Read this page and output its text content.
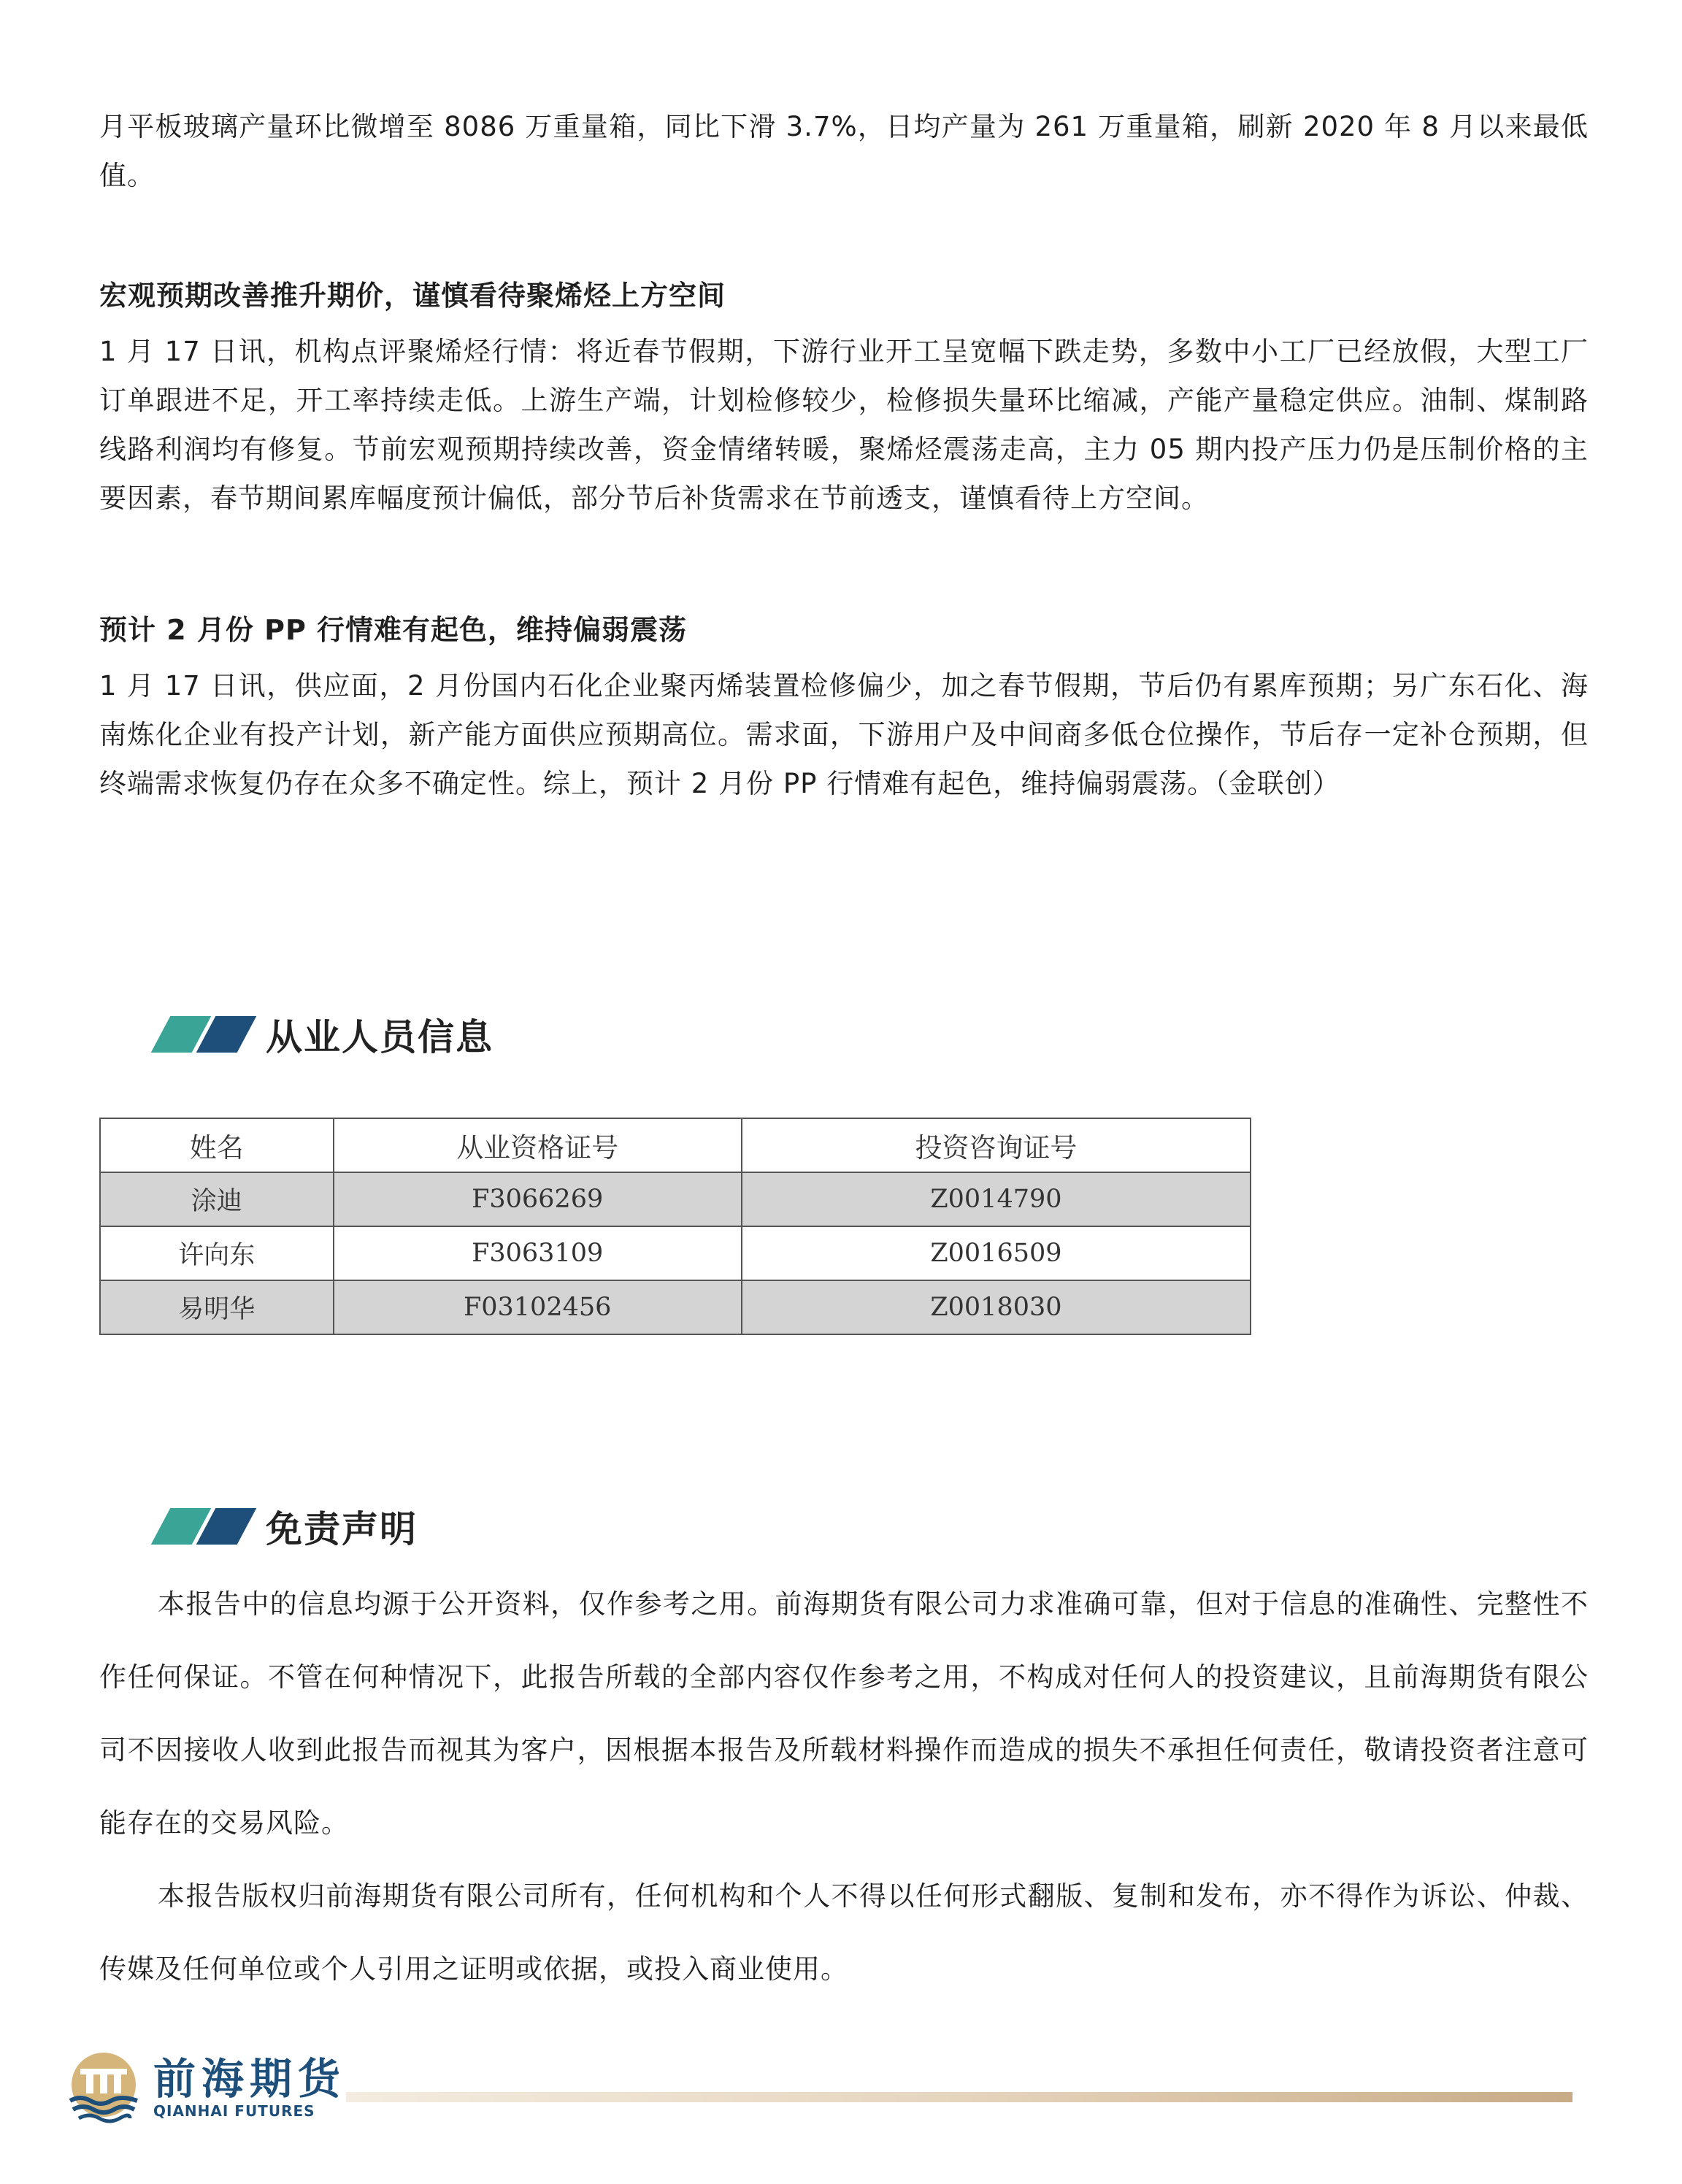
月平板玻璃产量环比微增至 8086 万重量箱，同比下滑 3.7%，日均产量为 261 万重量箱，刷新 2020 年 8 月以来最低值。

宏观预期改善推升期价，谨慎看待聚烯烃上方空间

1 月 17 日讯，机构点评聚烯烃行情：将近春节假期，下游行业开工呈宽幅下跌走势，多数中小工厂已经放假，大型工厂订单跟进不足，开工率持续走低。上游生产端，计划检修较少，检修损失量环比缩减，产能产量稳定供应。油制、煤制路线路利润均有修复。节前宏观预期持续改善，资金情绪转暖，聚烯烃震荡走高，主力 05 期内投产压力仍是压制价格的主要因素，春节期间累库幅度预计偏低，部分节后补货需求在节前透支，谨慎看待上方空间。

预计 2 月份 PP 行情难有起色，维持偏弱震荡

1 月 17 日讯，供应面，2 月份国内石化企业聚丙烯装置检修偏少，加之春节假期，节后仍有累库预期；另广东石化、海南炼化企业有投产计划，新产能方面供应预期高位。需求面，下游用户及中间商多低仓位操作，节后存一定补仓预期，但终端需求恢复仍存在众多不确定性。综上，预计 2 月份 PP 行情难有起色，维持偏弱震荡。（金联创）

从业人员信息
姓名	从业资格证号	投资咨询证号
涂迪	F3066269	Z0014790
许向东	F3063109	Z0016509
易明华	F03102456	Z0018030
免责声明

本报告中的信息均源于公开资料，仅作参考之用。前海期货有限公司力求准确可靠，但对于信息的准确性、完整性不作任何保证。不管在何种情况下，此报告所载的全部内容仅作参考之用，不构成对任何人的投资建议，且前海期货有限公司不因接收人收到此报告而视其为客户，因根据本报告及所载材料操作而造成的损失不承担任何责任，敬请投资者注意可能存在的交易风险。

本报告版权归前海期货有限公司所有，任何机构和个人不得以任何形式翻版、复制和发布，亦不得作为诉讼、仲裁、传媒及任何单位或个人引用之证明或依据，或投入商业使用。

前海期货
QIANHAI FUTURES
